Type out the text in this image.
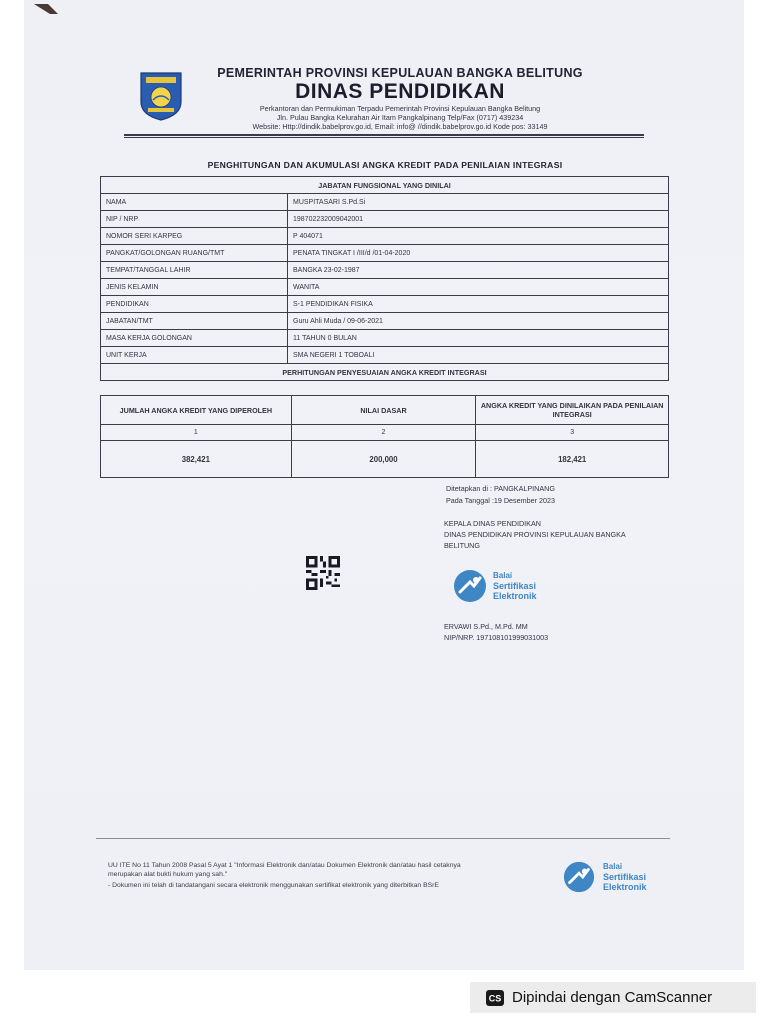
PEMERINTAH PROVINSI KEPULAUAN BANGKA BELITUNG
DINAS PENDIDIKAN
Perkantoran dan Permukiman Terpadu Pemerintah Provinsi Kepulauan Bangka Belitung
Jln. Pulau Bangka Kelurahan Air Itam Pangkalpinang Telp/Fax (0717) 439234
Website: Http://dindik.babelprov.go.id, Email: info@ //dindik.babelprov.go.id Kode pos: 33149
PENGHITUNGAN DAN AKUMULASI ANGKA KREDIT PADA PENILAIAN INTEGRASI
JABATAN FUNGSIONAL YANG DINILAI	
NAMA	MUSPITASARI S.Pd.Si
NIP / NRP	198702232009042001
NOMOR SERI KARPEG	P 404071
PANGKAT/GOLONGAN RUANG/TMT	PENATA TINGKAT I /III/d /01-04-2020
TEMPAT/TANGGAL LAHIR	BANGKA 23-02-1987
JENIS KELAMIN	WANITA
PENDIDIKAN	S-1 PENDIDIKAN FISIKA
JABATAN/TMT	Guru Ahli Muda / 09-06-2021
MASA KERJA GOLONGAN	11 TAHUN 0 BULAN
UNIT KERJA	SMA NEGERI 1 TOBOALI
PERHITUNGAN PENYESUAIAN ANGKA KREDIT INTEGRASI	
JUMLAH ANGKA KREDIT YANG DIPEROLEH	NILAI DASAR	ANGKA KREDIT YANG DINILAIKAN PADA PENILAIAN INTEGRASI
1	2	3
382,421	200,000	182,421
Ditetapkan di : PANGKALPINANG
Pada Tanggal :19 Desember 2023
KEPALA DINAS PENDIDIKAN
DINAS PENDIDIKAN PROVINSI KEPULAUAN BANGKA
BELITUNG
Balai
Sertifikasi
Elektronik
ERVAWI S.Pd., M.Pd. MM
NIP/NRP. 197108101999031003
UU ITE No 11 Tahun 2008 Pasal 5 Ayat 1 "Informasi Elektronik dan/atau Dokumen Elektronik dan/atau hasil cetaknya
merupakan alat bukti hukum yang sah."
- Dokumen ini telah di tandatangani secara elektronik menggunakan sertifikat elektronik yang diterbitkan BSrE
Balai
Sertifikasi
Elektronik
CS Dipindai dengan CamScanner
